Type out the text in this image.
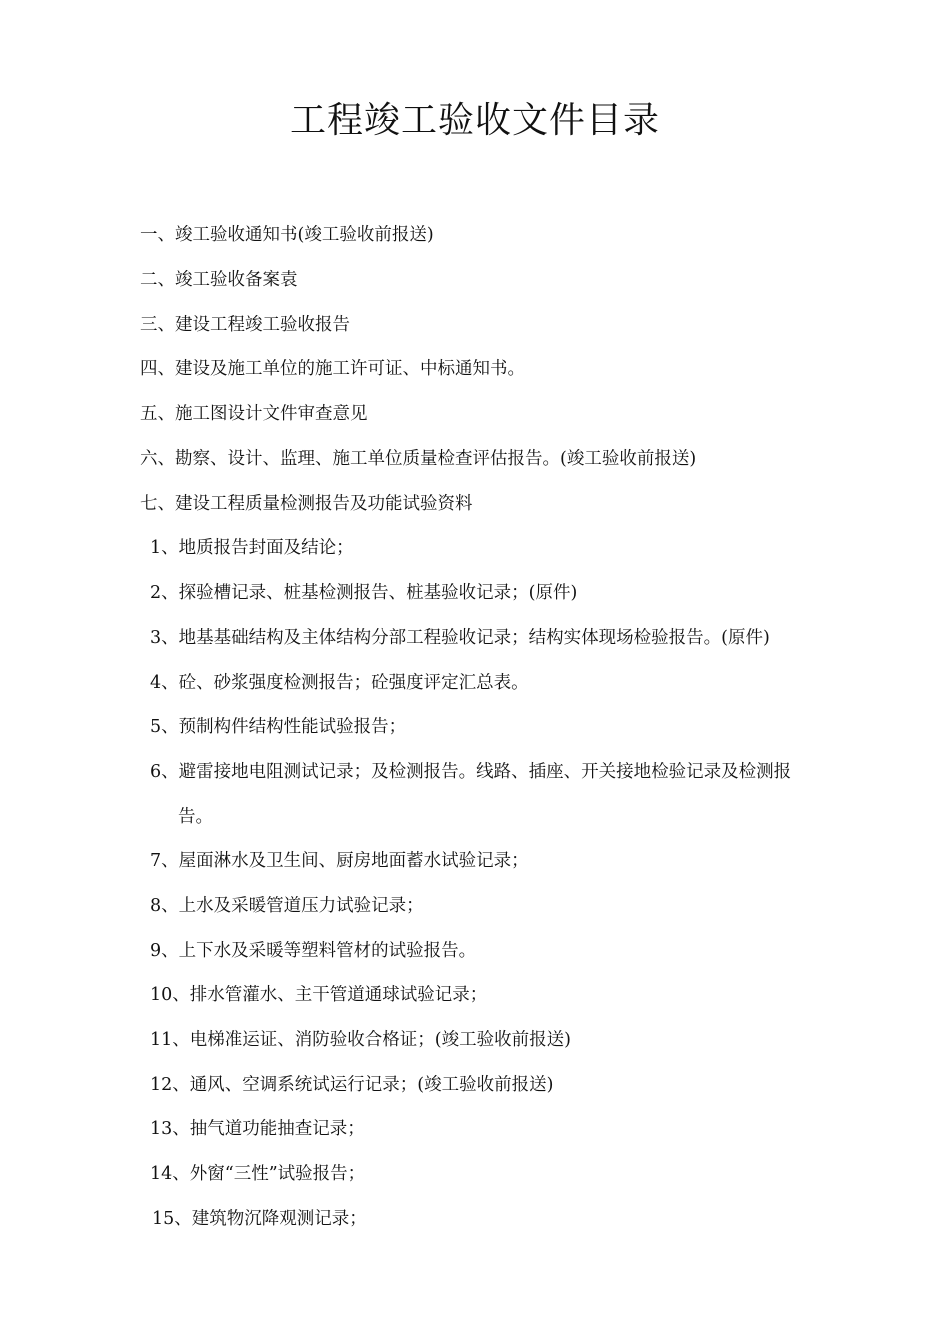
工程竣工验收文件目录
一、竣工验收通知书(竣工验收前报送)
二、竣工验收备案袁
三、建设工程竣工验收报告
四、建设及施工单位的施工许可证、中标通知书。
五、施工图设计文件审查意见
六、勘察、设计、监理、施工单位质量检查评估报告。(竣工验收前报送)
七、建设工程质量检测报告及功能试验资料
1、地质报告封面及结论；
2、探验槽记录、桩基检测报告、桩基验收记录；(原件)
3、地基基础结构及主体结构分部工程验收记录；结构实体现场检验报告。(原件)
4、砼、砂浆强度检测报告；砼强度评定汇总表。
5、预制构件结构性能试验报告；
6、避雷接地电阻测试记录；及检测报告。线路、插座、开关接地检验记录及检测报
告。
7、屋面淋水及卫生间、厨房地面蓄水试验记录；
8、上水及采暖管道压力试验记录；
9、上下水及采暖等塑料管材的试验报告。
10、排水管灌水、主干管道通球试验记录；
11、电梯准运证、消防验收合格证；(竣工验收前报送)
12、通风、空调系统试运行记录；(竣工验收前报送)
13、抽气道功能抽查记录；
14、外窗“三性”试验报告；
15、建筑物沉降观测记录；
